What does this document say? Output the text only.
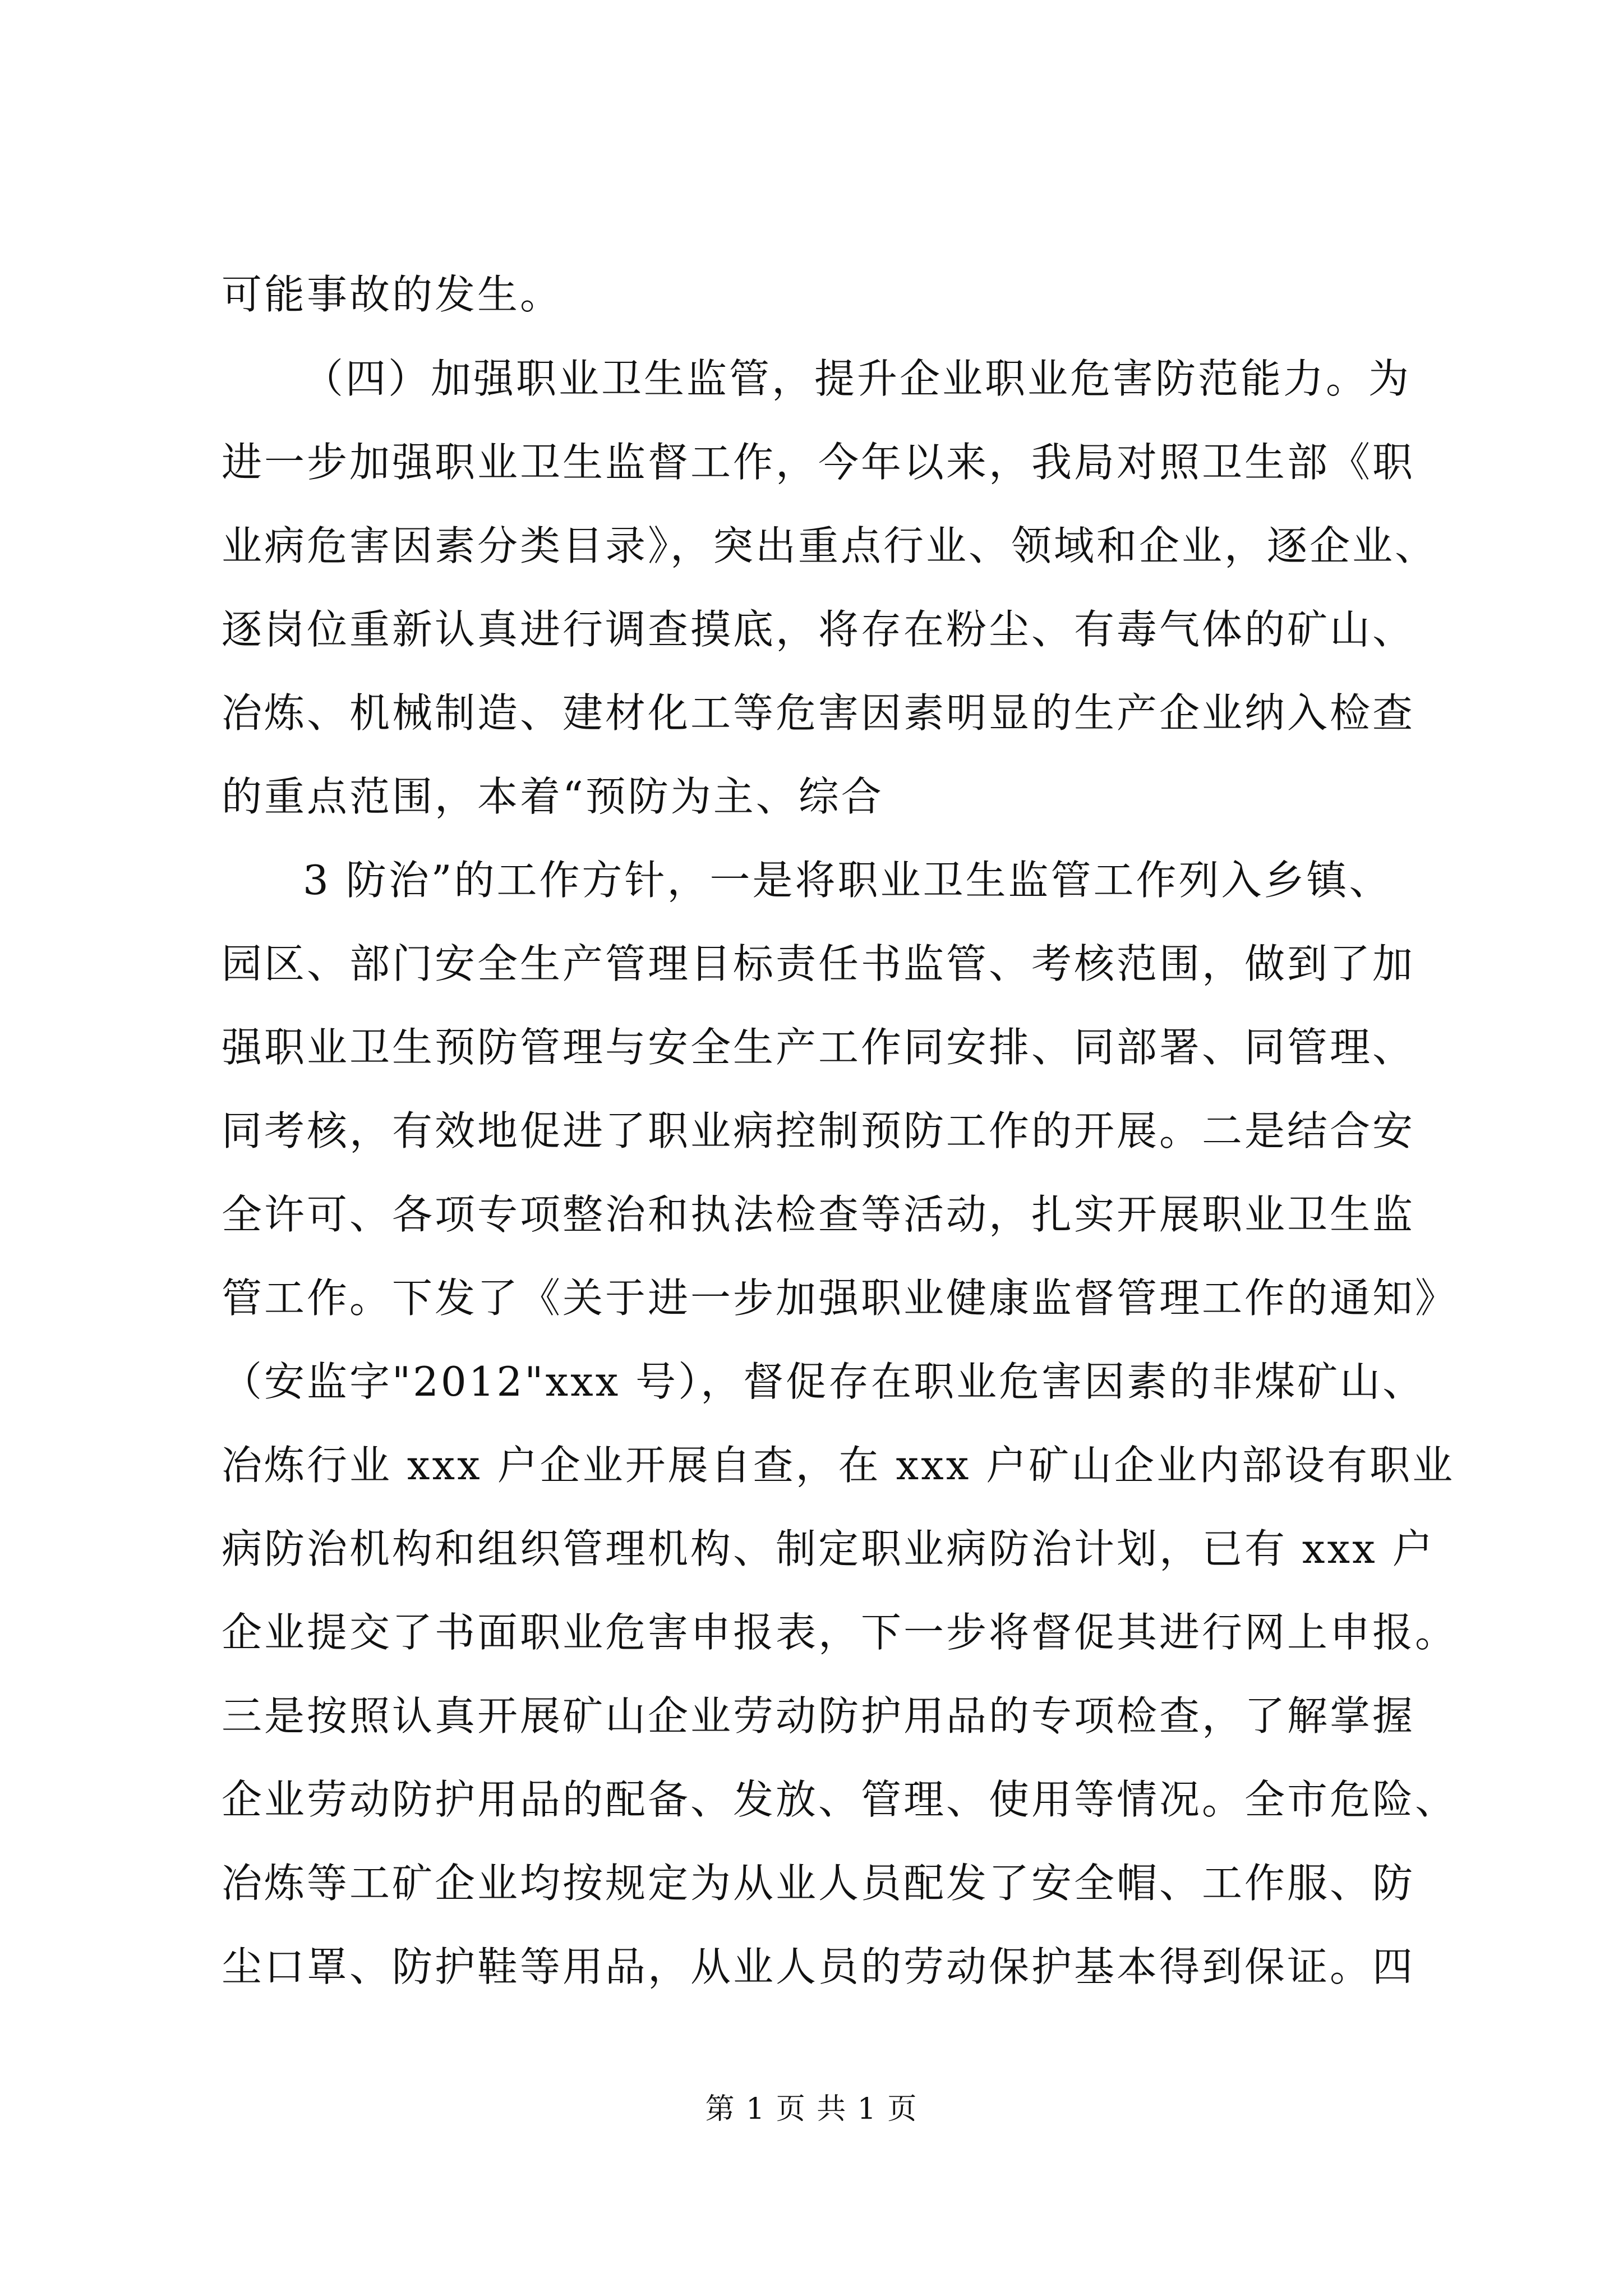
可能事故的发生。
（四）加强职业卫生监管，提升企业职业危害防范能力。为
进一步加强职业卫生监督工作，今年以来，我局对照卫生部《职
业病危害因素分类目录》，突出重点行业、领域和企业，逐企业、
逐岗位重新认真进行调查摸底，将存在粉尘、有毒气体的矿山、
冶炼、机械制造、建材化工等危害因素明显的生产企业纳入检查
的重点范围，本着“预防为主、综合
3 防治”的工作方针，一是将职业卫生监管工作列入乡镇、
园区、部门安全生产管理目标责任书监管、考核范围，做到了加
强职业卫生预防管理与安全生产工作同安排、同部署、同管理、
同考核，有效地促进了职业病控制预防工作的开展。二是结合安
全许可、各项专项整治和执法检查等活动，扎实开展职业卫生监
管工作。下发了《关于进一步加强职业健康监督管理工作的通知》
（安监字"2012"xxx 号），督促存在职业危害因素的非煤矿山、
冶炼行业 xxx 户企业开展自查，在 xxx 户矿山企业内部设有职业
病防治机构和组织管理机构、制定职业病防治计划，已有 xxx 户
企业提交了书面职业危害申报表，下一步将督促其进行网上申报。
三是按照认真开展矿山企业劳动防护用品的专项检查，了解掌握
企业劳动防护用品的配备、发放、管理、使用等情况。全市危险、
冶炼等工矿企业均按规定为从业人员配发了安全帽、工作服、防
尘口罩、防护鞋等用品，从业人员的劳动保护基本得到保证。四
第 1 页 共 1 页
